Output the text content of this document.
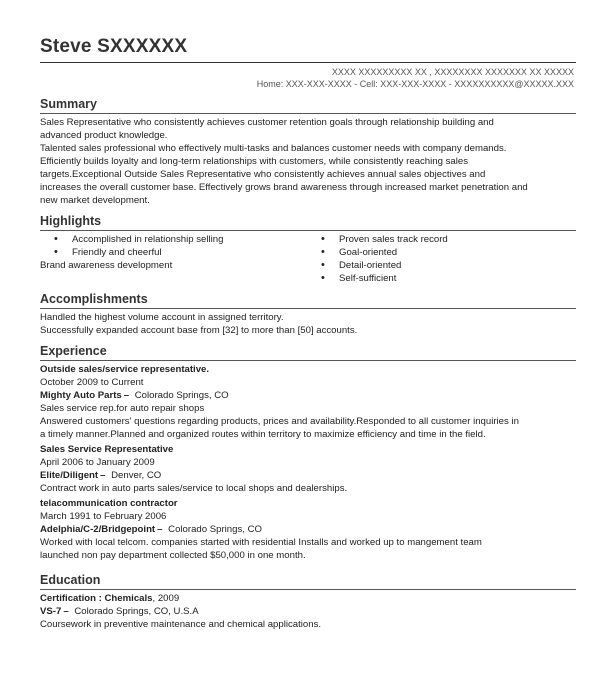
Steve SXXXXXX
XXXX XXXXXXXXX XX , XXXXXXXX XXXXXXX XX XXXXX
Home: XXX-XXX-XXXX - Cell: XXX-XXX-XXXX - XXXXXXXXXX@XXXXX.XXX
Summary

Sales Representative who consistently achieves customer retention goals through relationship building and

advanced product knowledge.

Talented sales professional who effectively multi-tasks and balances customer needs with company demands.

Efficiently builds loyalty and long-term relationships with customers, while consistently reaching sales

targets.Exceptional Outside Sales Representative who consistently achieves annual sales objectives and

increases the overall customer base. Effectively grows brand awareness through increased market penetration and

new market development.

Highlights
• Accomplished in relationship selling
• Friendly and cheerful
Brand awareness development
• Proven sales track record
• Goal-oriented
• Detail-oriented
• Self-sufficient
Accomplishments

Handled the highest volume account in assigned territory.

Successfully expanded account base from [32] to more than [50] accounts.

Experience

Outside sales/service representative.

October 2009 to Current

Mighty Auto Parts – Colorado Springs, CO

Sales service rep.for auto repair shops

Answered customers' questions regarding products, prices and availability.Responded to all customer inquiries in

a timely manner.Planned and organized routes within territory to maximize efficiency and time in the field.

Sales Service Representative

April 2006 to January 2009

Elite/Diligent – Denver, CO

Contract work in auto parts sales/service to local shops and dealerships.

telacommunication contractor

March 1991 to February 2006

Adelphia/C-2/Bridgepoint – Colorado Springs, CO

Worked with local telcom. companies started with residential Installs and worked up to mangement team

launched non pay department collected $50,000 in one month.

Education

Certification : Chemicals, 2009

VS-7 – Colorado Springs, CO, U.S.A

Coursework in preventive maintenance and chemical applications.
